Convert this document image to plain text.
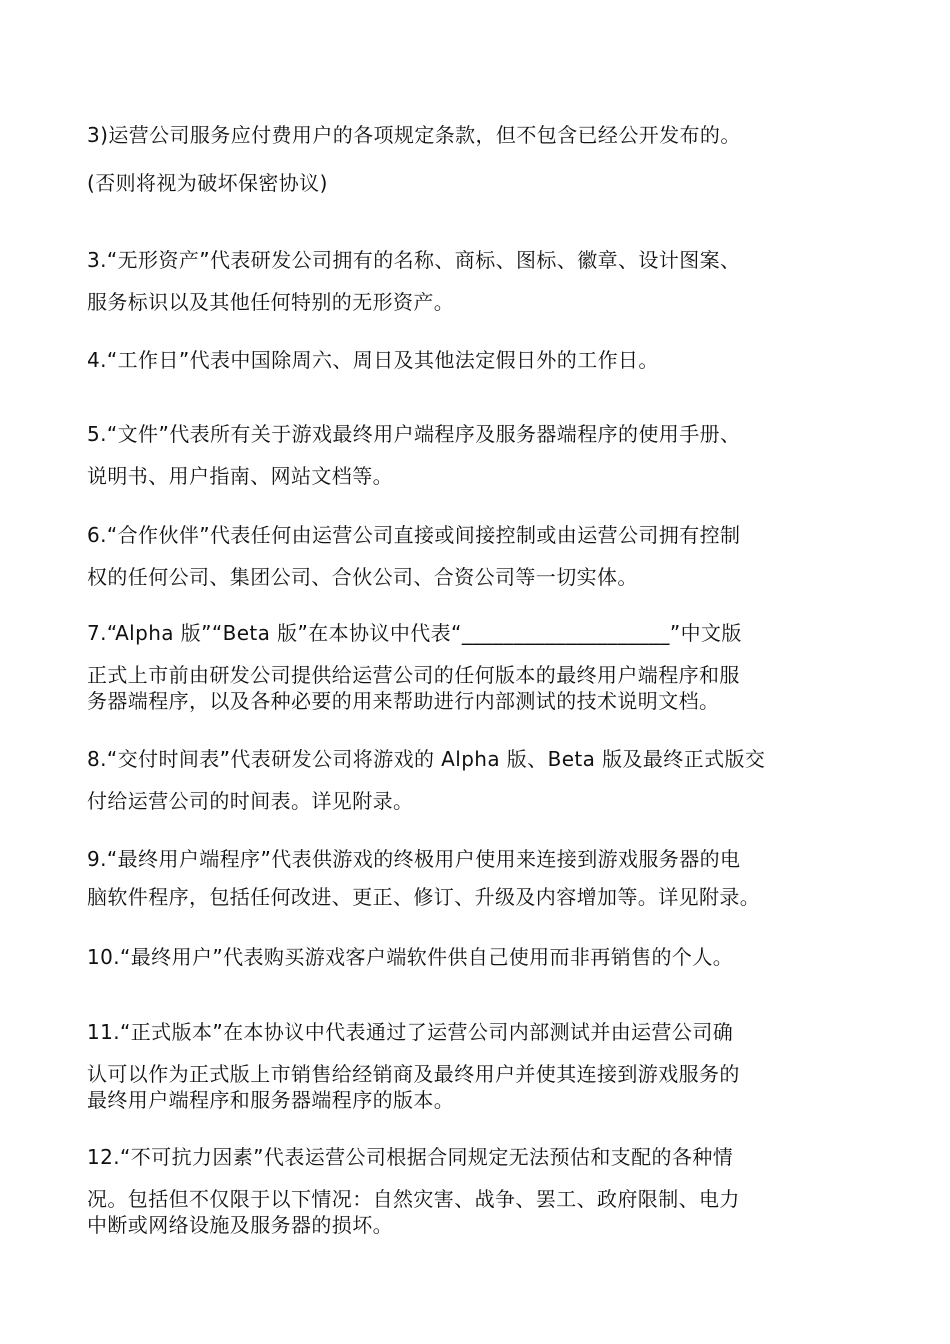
3)运营公司服务应付费用户的各项规定条款，但不包含已经公开发布的。
(否则将视为破坏保密协议)
3.“无形资产”代表研发公司拥有的名称、商标、图标、徽章、设计图案、
服务标识以及其他任何特别的无形资产。
4.“工作日”代表中国除周六、周日及其他法定假日外的工作日。
5.“文件”代表所有关于游戏最终用户端程序及服务器端程序的使用手册、
说明书、用户指南、网站文档等。
6.“合作伙伴”代表任何由运营公司直接或间接控制或由运营公司拥有控制
权的任何公司、集团公司、合伙公司、合资公司等一切实体。
7.“Alpha 版”“Beta 版”在本协议中代表“____________________”中文版
正式上市前由研发公司提供给运营公司的任何版本的最终用户端程序和服
务器端程序，以及各种必要的用来帮助进行内部测试的技术说明文档。
8.“交付时间表”代表研发公司将游戏的 Alpha 版、Beta 版及最终正式版交
付给运营公司的时间表。详见附录。
9.“最终用户端程序”代表供游戏的终极用户使用来连接到游戏服务器的电
脑软件程序，包括任何改进、更正、修订、升级及内容增加等。详见附录。
10.“最终用户”代表购买游戏客户端软件供自己使用而非再销售的个人。
11.“正式版本”在本协议中代表通过了运营公司内部测试并由运营公司确
认可以作为正式版上市销售给经销商及最终用户并使其连接到游戏服务的
最终用户端程序和服务器端程序的版本。
12.“不可抗力因素”代表运营公司根据合同规定无法预估和支配的各种情
况。包括但不仅限于以下情况：自然灾害、战争、罢工、政府限制、电力
中断或网络设施及服务器的损坏。
